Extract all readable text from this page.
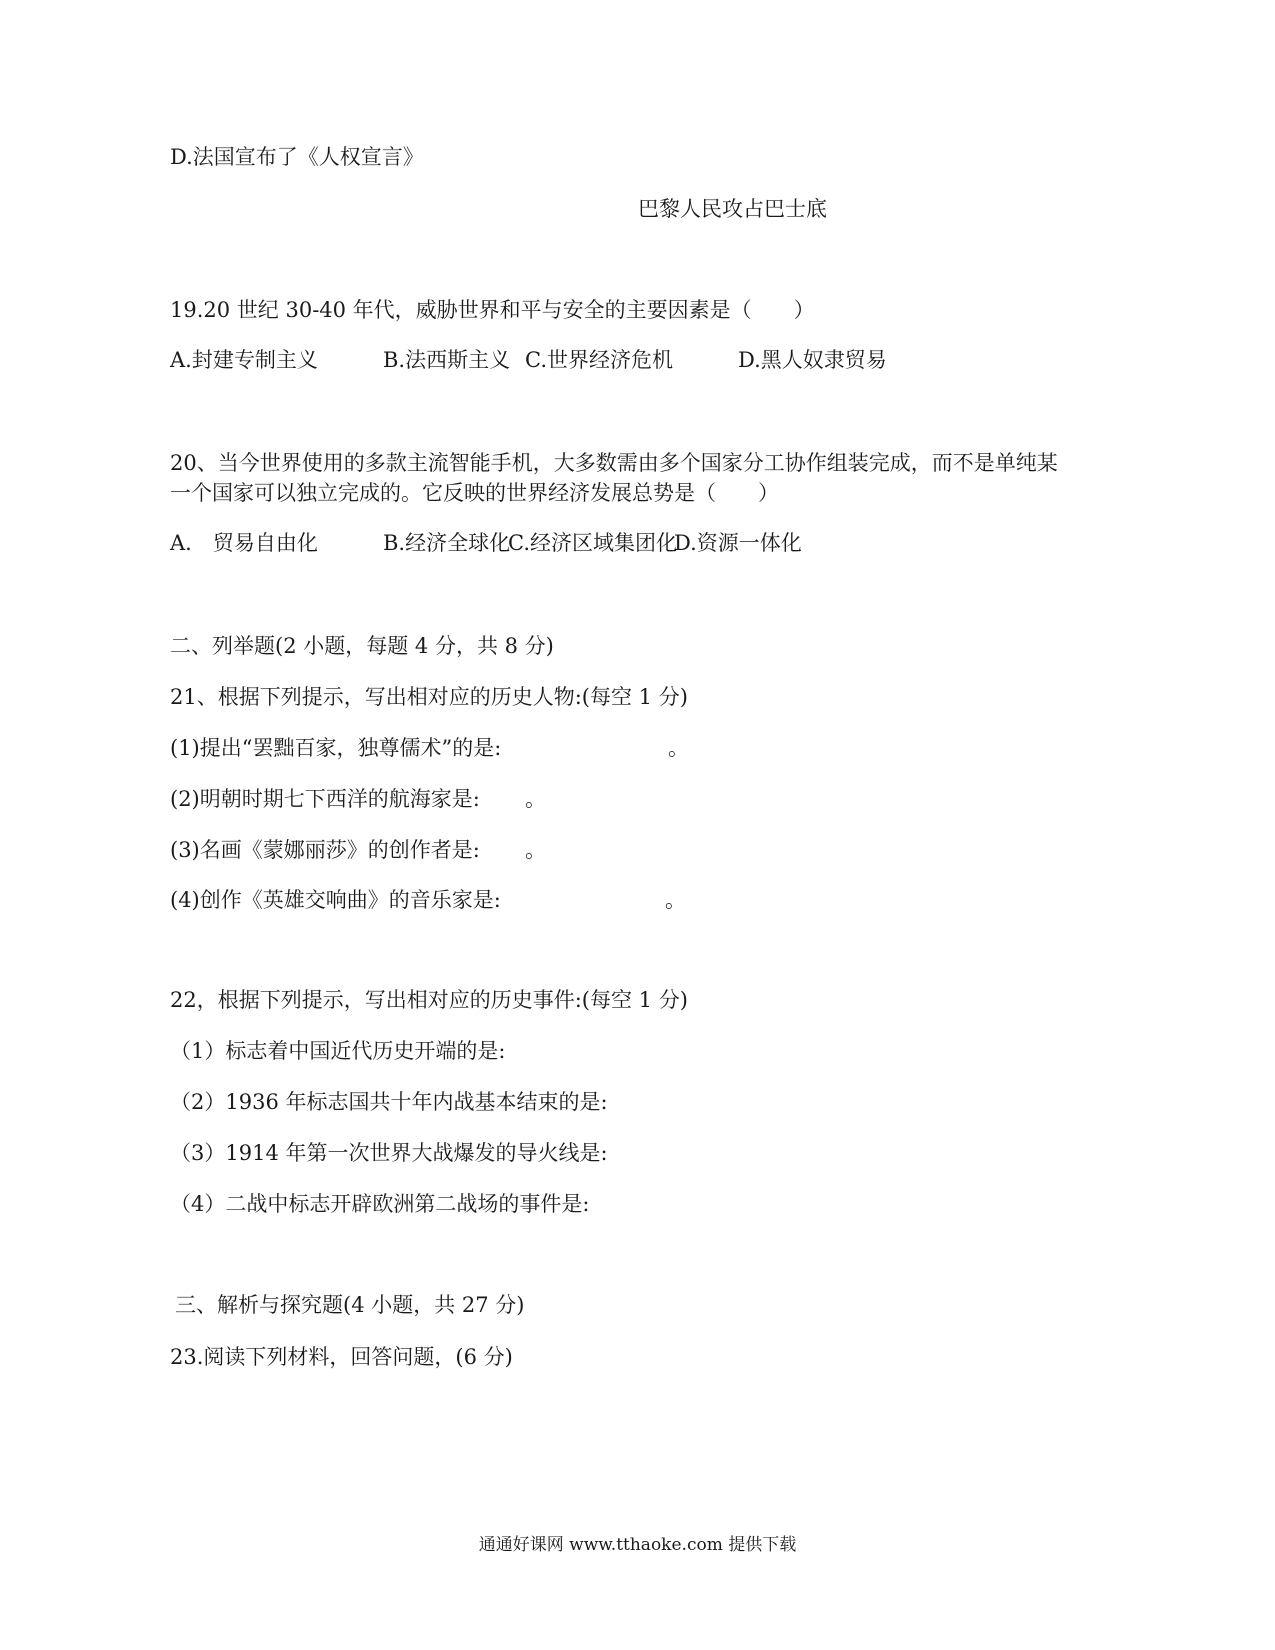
D.法国宣布了《人权宣言》
巴黎人民攻占巴士底
19.20 世纪 30-40 年代，威胁世界和平与安全的主要因素是（　　）
A.封建专制主义	B.法西斯主义 C.世界经济危机	D.黑人奴隶贸易
20、当今世界使用的多款主流智能手机，大多数需由多个国家分工协作组装完成，而不是单纯某
一个国家可以独立完成的。它反映的世界经济发展总势是（　　）
A.　贸易自由化	B.经济全球化
C.经济区域集团化
D.资源一体化
二、列举题(2 小题，每题 4 分，共 8 分)
21、根据下列提示，写出相对应的历史人物:(每空 1 分)
(1)提出“罢黜百家，独尊儒术”的是:	。
(2)明朝时期七下西洋的航海家是: 。
(3)名画《蒙娜丽莎》的创作者是: 。
(4)创作《英雄交响曲》的音乐家是:	。
22，根据下列提示，写出相对应的历史事件:(每空 1 分)
（1）标志着中国近代历史开端的是:
（2）1936 年标志国共十年内战基本结束的是:
（3）1914 年第一次世界大战爆发的导火线是:
（4）二战中标志开辟欧洲第二战场的事件是:
三、解析与探究题(4 小题，共 27 分)
23.阅读下列材料，回答问题，(6 分)
通通好课网 www.tthaoke.com 提供下载
